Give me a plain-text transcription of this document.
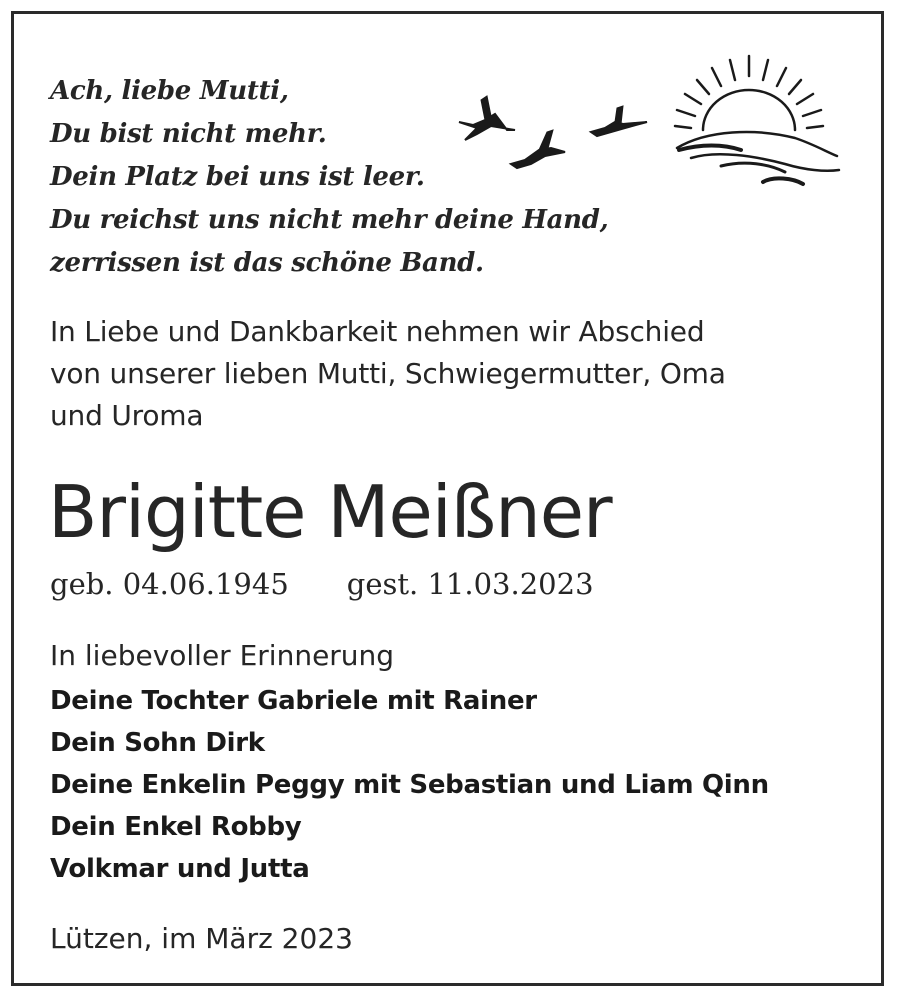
Ach, liebe Mutti,
Du bist nicht mehr.
Dein Platz bei uns ist leer.
Du reichst uns nicht mehr deine Hand,
zerrissen ist das schöne Band.
In Liebe und Dankbarkeit nehmen wir Abschied
von unserer lieben Mutti, Schwiegermutter, Oma
und Uroma
Brigitte Meißner
geb. 04.06.1945 gest. 11.03.2023
In liebevoller Erinnerung
Deine Tochter Gabriele mit Rainer
Dein Sohn Dirk
Deine Enkelin Peggy mit Sebastian und Liam Qinn
Dein Enkel Robby
Volkmar und Jutta
Lützen, im März 2023
